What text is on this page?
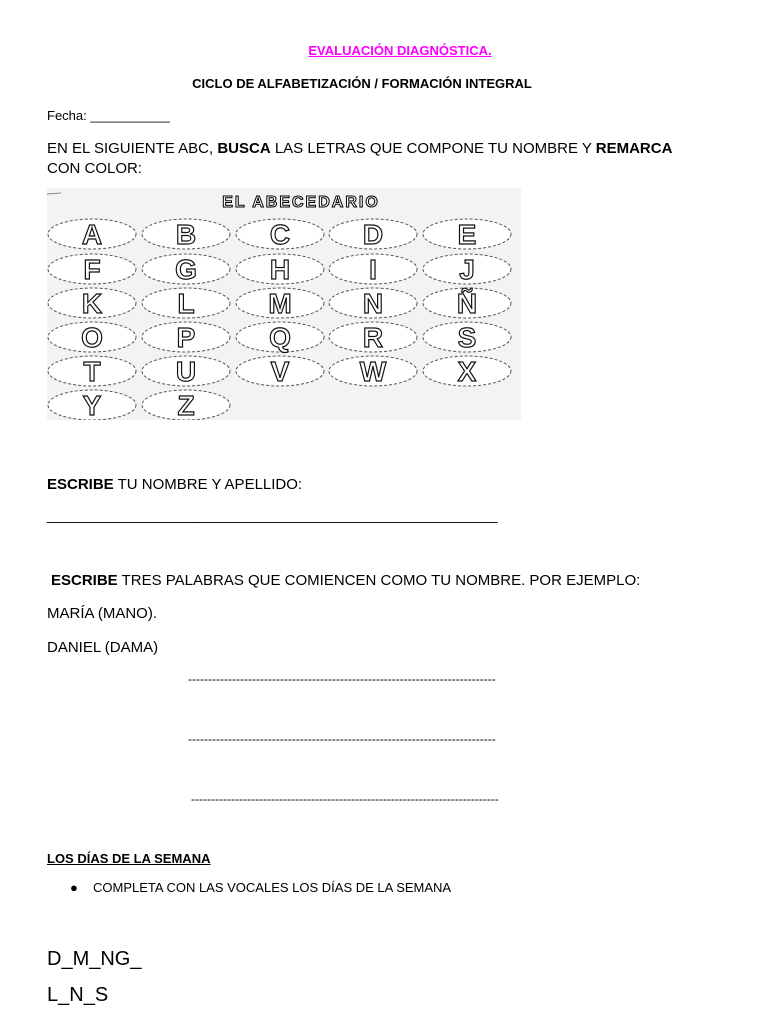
EVALUACIÓN DIAGNÓSTICA.
CICLO DE ALFABETIZACIÓN / FORMACIÓN INTEGRAL
Fecha: ___________
EN EL SIGUIENTE ABC, BUSCA LAS LETRAS QUE COMPONE TU NOMBRE Y REMARCA
CON COLOR:
EL ABECEDARIO
A	B	C	D	E
F	G	H	I	J
K	L	M	N	Ñ
O	P	Q	R	S
T	U	V	W	X
Y	Z
ESCRIBE TU NOMBRE Y APELLIDO:
______________________________________________________
ESCRIBE TRES PALABRAS QUE COMIENCEN COMO TU NOMBRE. POR EJEMPLO:
MARÍA (MANO).
DANIEL (DAMA)
-----------------------------------------------------------------------------
-----------------------------------------------------------------------------
-----------------------------------------------------------------------------
LOS DÍAS DE LA SEMANA
● COMPLETA CON LAS VOCALES LOS DÍAS DE LA SEMANA
D_M_NG_
L_N_S
